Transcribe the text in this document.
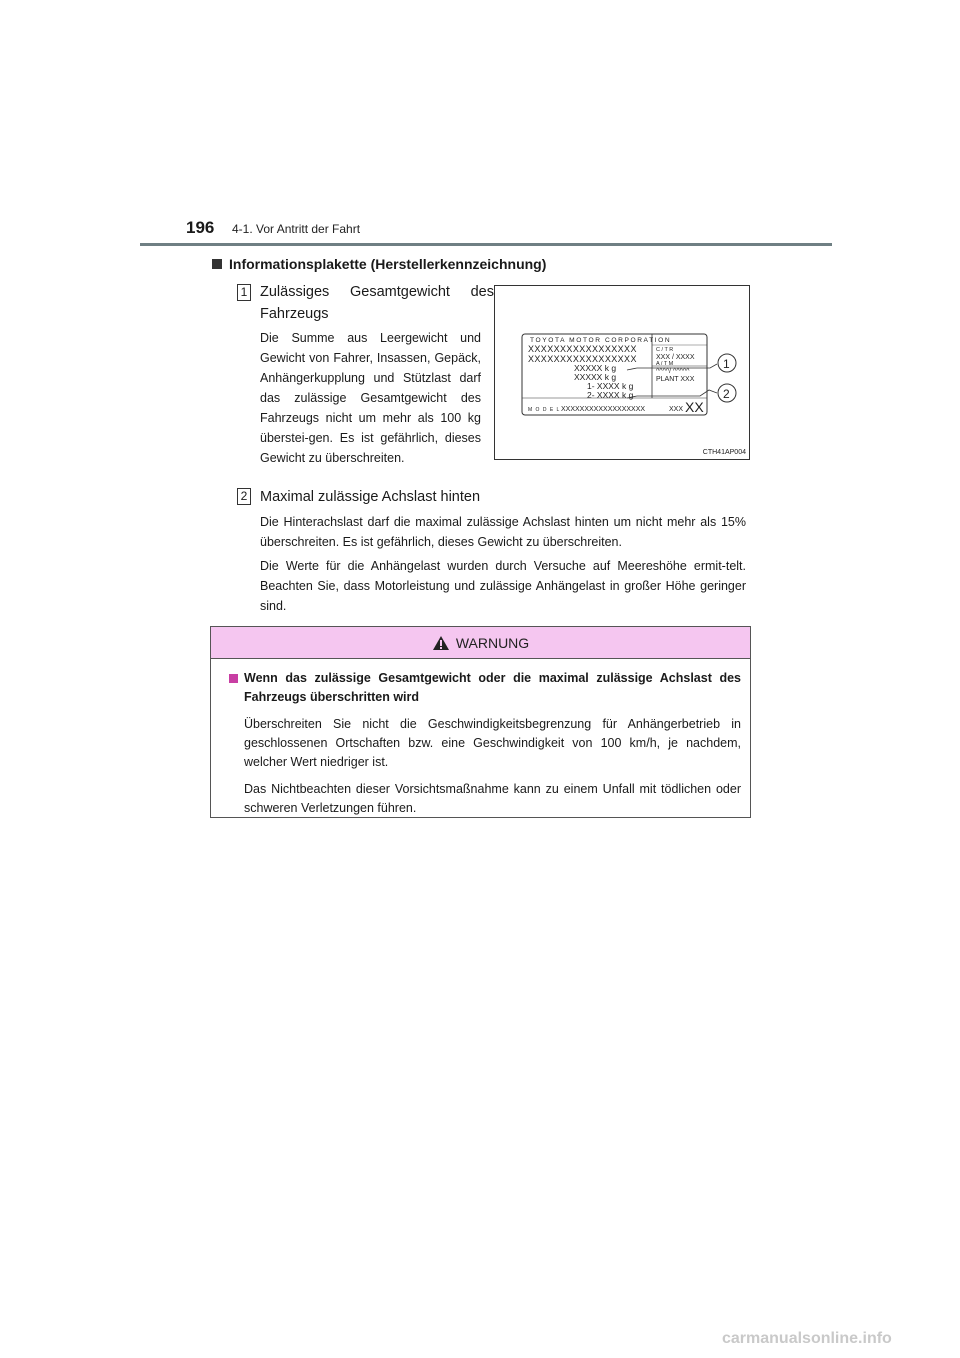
196 4-1. Vor Antritt der Fahrt
Informationsplakette (Herstellerkennzeichnung)
1 Zulässiges Gesamtgewicht des
Fahrzeugs
Die Summe aus Leergewicht und Gewicht von Fahrer, Insassen, Gepäck, Anhängerkupplung und Stützlast darf das zulässige Gesamtgewicht des Fahrzeugs nicht um mehr als 100 kg überstei-gen. Es ist gefährlich, dieses Gewicht zu überschreiten.
TOYOTA MOTOR CORPORATION
XXXXXXXXXXXXXXXXX
XXXXXXXXXXXXXXXXX
XXXXX k g
XXXXX k g
1- XXXX k g
2- XXXX k g
C / T R
XXX / XXXX
A / T M
^^^^/ ^^^^^
PLANT XXX
M O D E L XXXXXXXXXXXXXXXXXX	XXX XX
1
2
CTH41AP004
2 Maximal zulässige Achslast hinten
Die Hinterachslast darf die maximal zulässige Achslast hinten um nicht mehr als 15% überschreiten. Es ist gefährlich, dieses Gewicht zu überschreiten.
Die Werte für die Anhängelast wurden durch Versuche auf Meereshöhe ermit-telt. Beachten Sie, dass Motorleistung und zulässige Anhängelast in großer Höhe geringer sind.
WARNUNG
Wenn das zulässige Gesamtgewicht oder die maximal zulässige Achslast des Fahrzeugs überschritten wird
Überschreiten Sie nicht die Geschwindigkeitsbegrenzung für Anhängerbetrieb in geschlossenen Ortschaften bzw. eine Geschwindigkeit von 100 km/h, je nachdem, welcher Wert niedriger ist.
Das Nichtbeachten dieser Vorsichtsmaßnahme kann zu einem Unfall mit tödlichen oder schweren Verletzungen führen.
carmanualsonline.info
